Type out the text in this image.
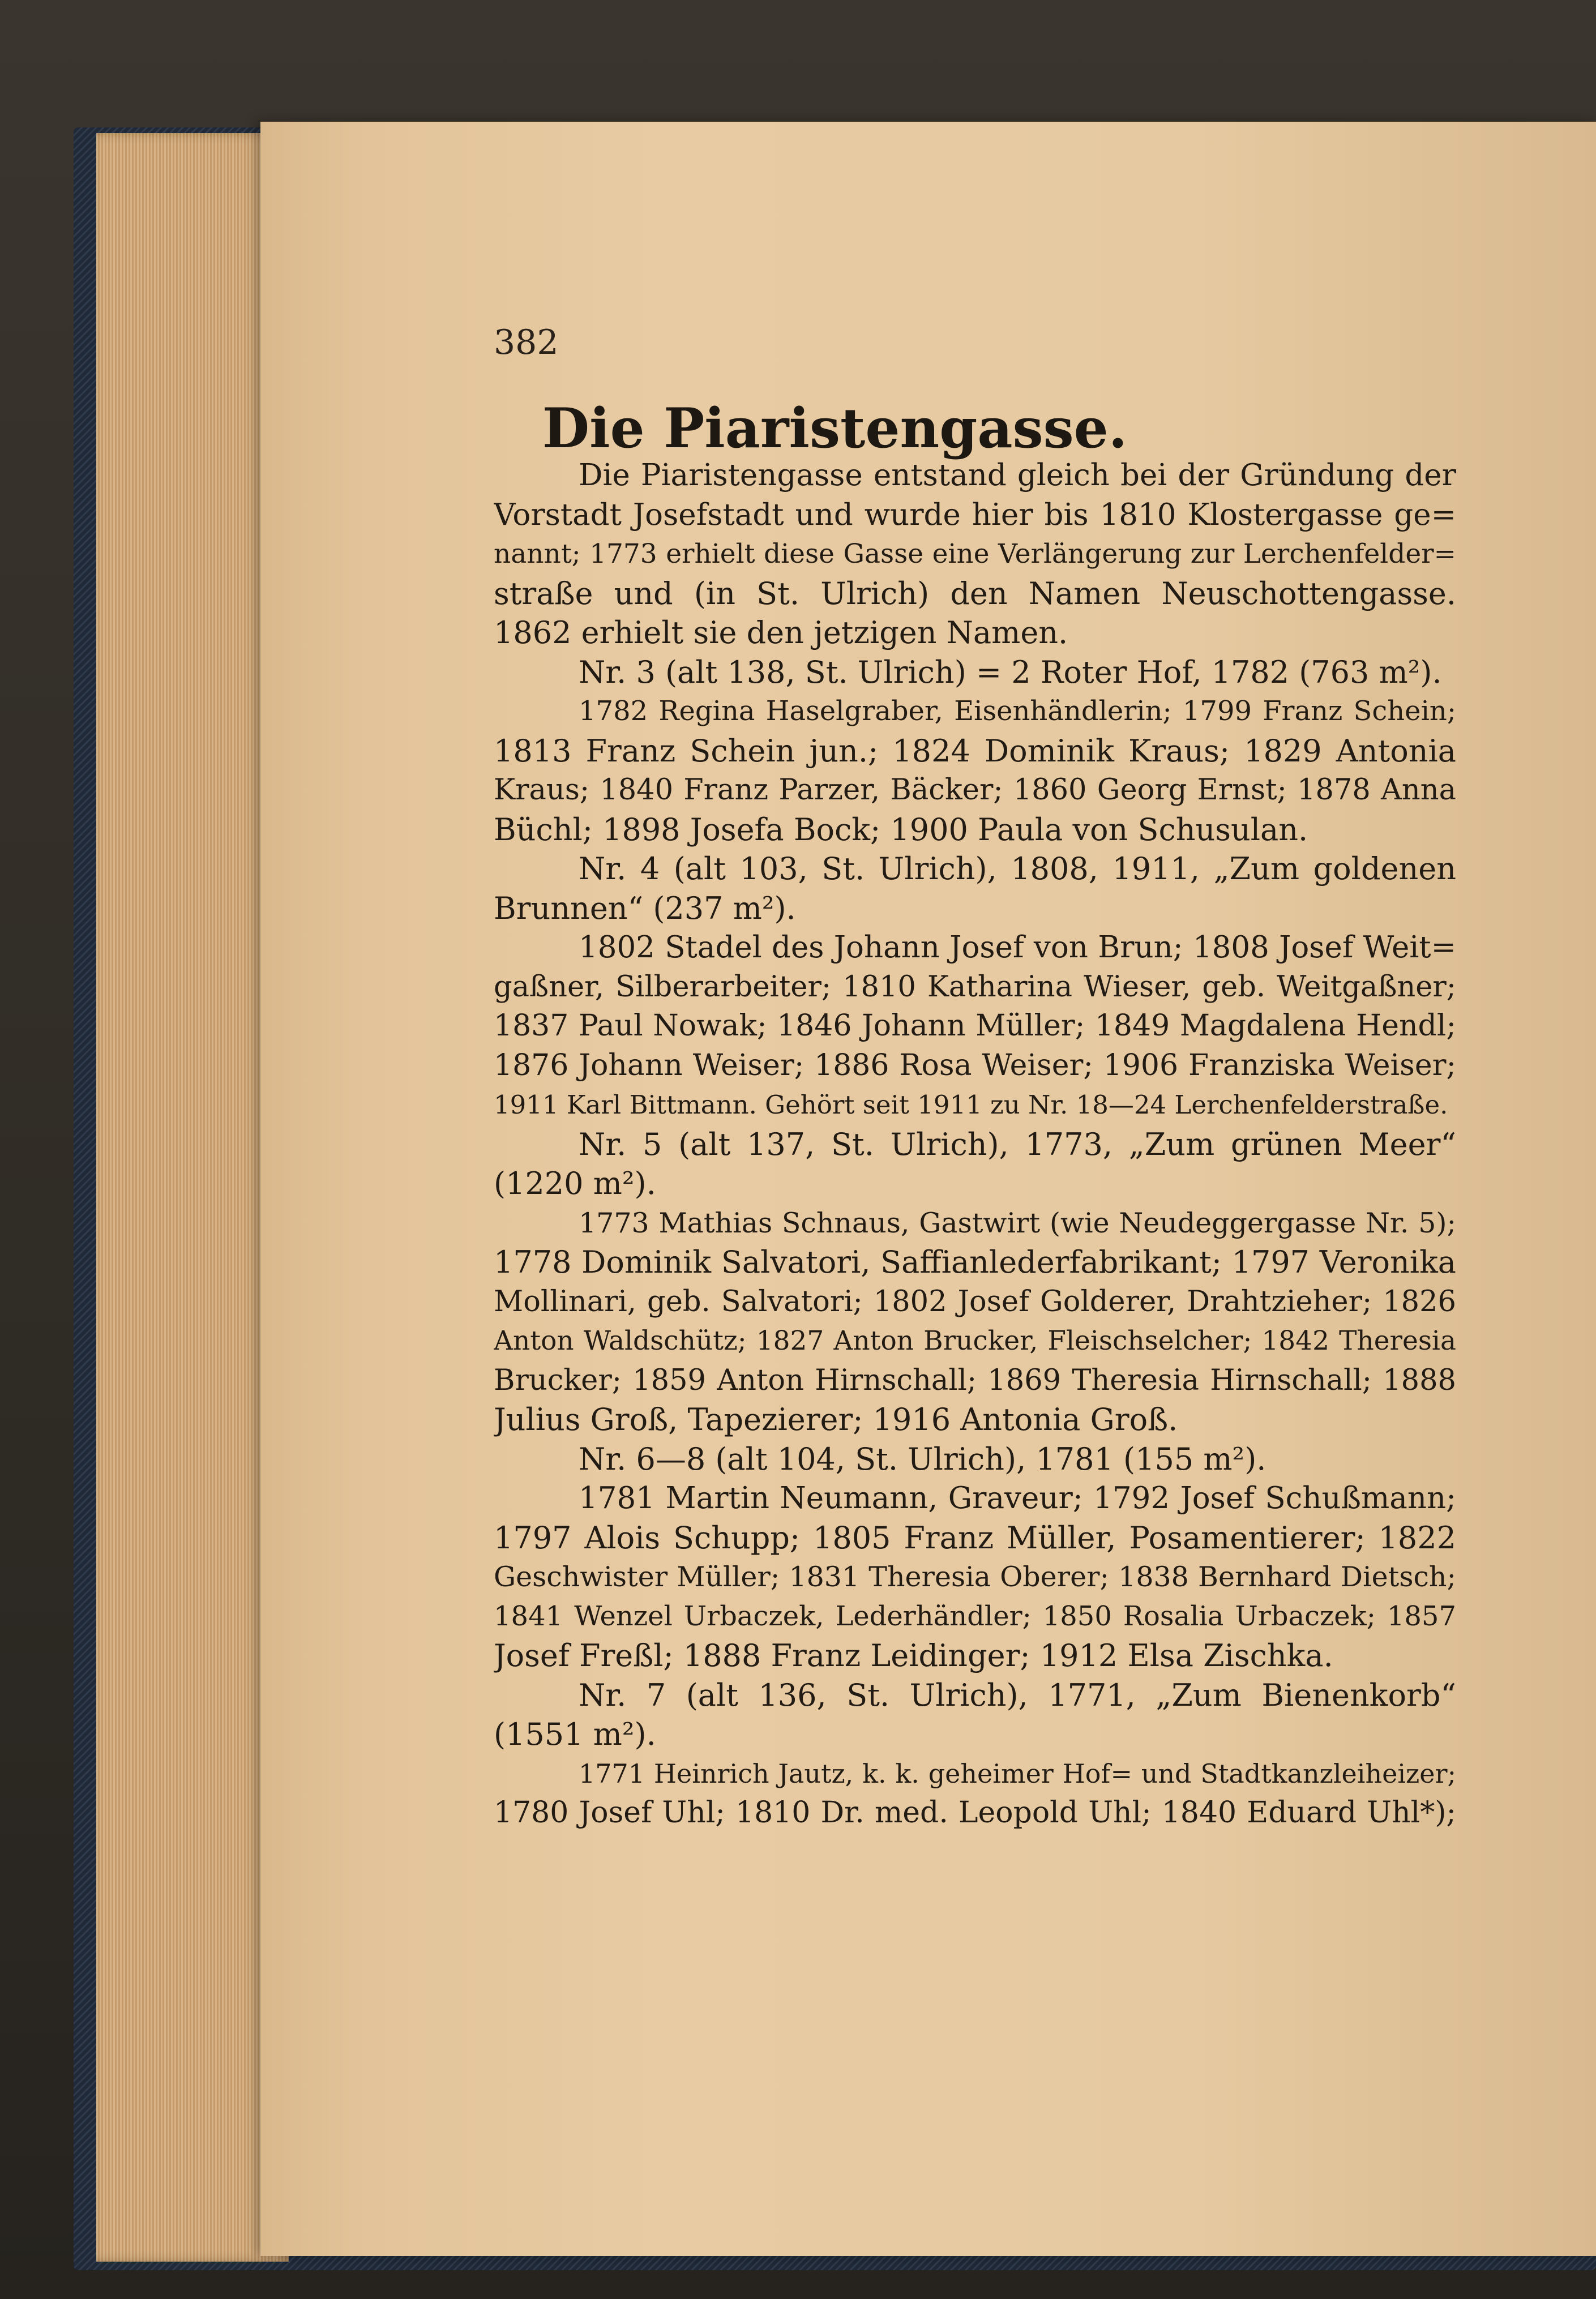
382
Die Piaristengasse.
Die Piaristengasse entstand gleich bei der Gründung der
Vorstadt Josefstadt und wurde hier bis 1810 Klostergasse ge=
nannt; 1773 erhielt diese Gasse eine Verlängerung zur Lerchenfelder=
straße und (in St. Ulrich) den Namen Neuschottengasse.
1862 erhielt sie den jetzigen Namen.
Nr. 3 (alt 138, St. Ulrich) = 2 Roter Hof, 1782 (763 m²).
1782 Regina Haselgraber, Eisenhändlerin; 1799 Franz Schein;
1813 Franz Schein jun.; 1824 Dominik Kraus; 1829 Antonia
Kraus; 1840 Franz Parzer, Bäcker; 1860 Georg Ernst; 1878 Anna
Büchl; 1898 Josefa Bock; 1900 Paula von Schusulan.
Nr. 4 (alt 103, St. Ulrich), 1808, 1911, „Zum goldenen
Brunnen“ (237 m²).
1802 Stadel des Johann Josef von Brun; 1808 Josef Weit=
gaßner, Silberarbeiter; 1810 Katharina Wieser, geb. Weitgaßner;
1837 Paul Nowak; 1846 Johann Müller; 1849 Magdalena Hendl;
1876 Johann Weiser; 1886 Rosa Weiser; 1906 Franziska Weiser;
1911 Karl Bittmann. Gehört seit 1911 zu Nr. 18—24 Lerchenfelderstraße.
Nr. 5 (alt 137, St. Ulrich), 1773, „Zum grünen Meer“
(1220 m²).
1773 Mathias Schnaus, Gastwirt (wie Neudeggergasse Nr. 5);
1778 Dominik Salvatori, Saffianlederfabrikant; 1797 Veronika
Mollinari, geb. Salvatori; 1802 Josef Golderer, Drahtzieher; 1826
Anton Waldschütz; 1827 Anton Brucker, Fleischselcher; 1842 Theresia
Brucker; 1859 Anton Hirnschall; 1869 Theresia Hirnschall; 1888
Julius Groß, Tapezierer; 1916 Antonia Groß.
Nr. 6—8 (alt 104, St. Ulrich), 1781 (155 m²).
1781 Martin Neumann, Graveur; 1792 Josef Schußmann;
1797 Alois Schupp; 1805 Franz Müller, Posamentierer; 1822
Geschwister Müller; 1831 Theresia Oberer; 1838 Bernhard Dietsch;
1841 Wenzel Urbaczek, Lederhändler; 1850 Rosalia Urbaczek; 1857
Josef Freßl; 1888 Franz Leidinger; 1912 Elsa Zischka.
Nr. 7 (alt 136, St. Ulrich), 1771, „Zum Bienenkorb“
(1551 m²).
1771 Heinrich Jautz, k. k. geheimer Hof= und Stadtkanzleiheizer;
1780 Josef Uhl; 1810 Dr. med. Leopold Uhl; 1840 Eduard Uhl*);
